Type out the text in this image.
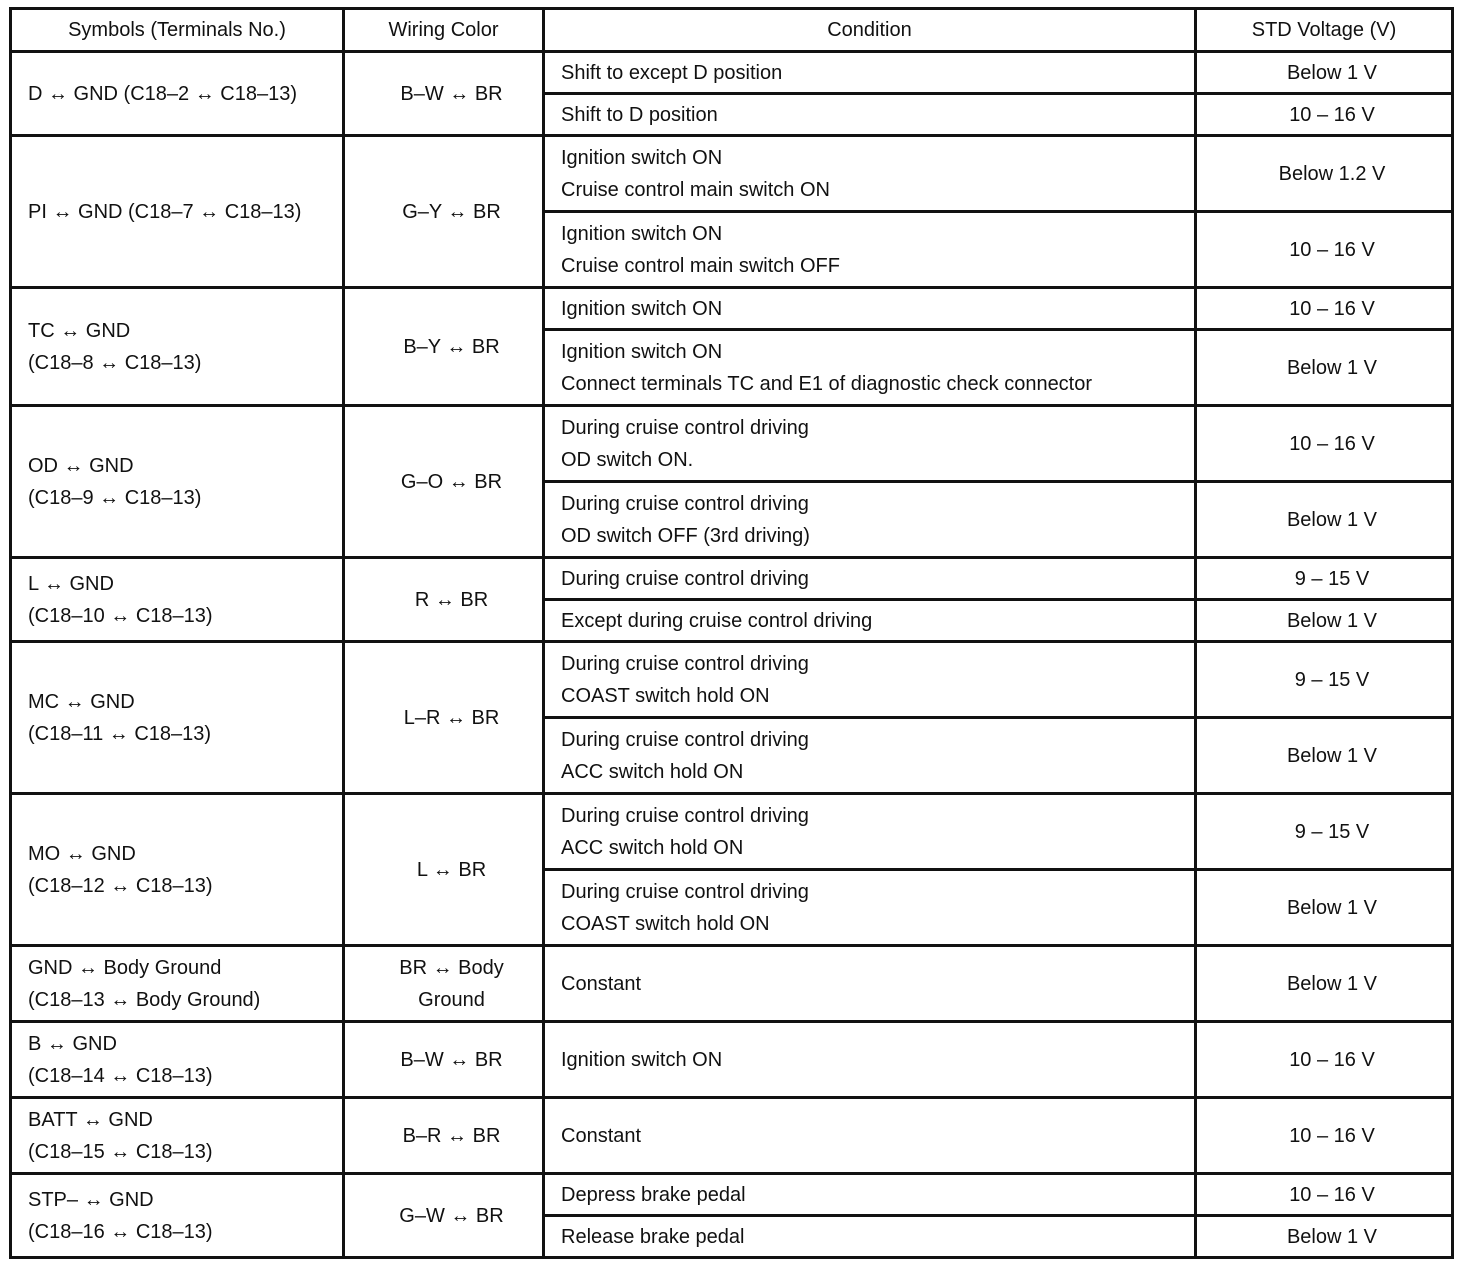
Symbols (Terminals No.)	Wiring Color	Condition	STD Voltage (V)

D ↔ GND (C18–2 ↔ C18–13)	B–W ↔ BR	Shift to except D position	Below 1 V

		Shift to D position	10 – 16 V

PI ↔ GND (C18–7 ↔ C18–13)	G–Y ↔ BR	Ignition switch ON
Cruise control main switch ON	Below 1.2 V

		Ignition switch ON
Cruise control main switch OFF	10 – 16 V

TC ↔ GND
(C18–8 ↔ C18–13)	B–Y ↔ BR	Ignition switch ON	10 – 16 V

		Ignition switch ON
Connect terminals TC and E1 of diagnostic check connector	Below 1 V

OD ↔ GND
(C18–9 ↔ C18–13)	G–O ↔ BR	During cruise control driving
OD switch ON.	10 – 16 V

		During cruise control driving
OD switch OFF (3rd driving)	Below 1 V

L ↔ GND
(C18–10 ↔ C18–13)	R ↔ BR	During cruise control driving	9 – 15 V

		Except during cruise control driving	Below 1 V

MC ↔ GND
(C18–11 ↔ C18–13)	L–R ↔ BR	During cruise control driving
COAST switch hold ON	9 – 15 V

		During cruise control driving
ACC switch hold ON	Below 1 V

MO ↔ GND
(C18–12 ↔ C18–13)	L ↔ BR	During cruise control driving
ACC switch hold ON	9 – 15 V

		During cruise control driving
COAST switch hold ON	Below 1 V

GND ↔ Body Ground
(C18–13 ↔ Body Ground)	BR ↔ Body
Ground	Constant	Below 1 V

B ↔ GND
(C18–14 ↔ C18–13)	B–W ↔ BR	Ignition switch ON	10 – 16 V

BATT ↔ GND
(C18–15 ↔ C18–13)	B–R ↔ BR	Constant	10 – 16 V

STP– ↔ GND
(C18–16 ↔ C18–13)	G–W ↔ BR	Depress brake pedal	10 – 16 V

		Release brake pedal	Below 1 V
